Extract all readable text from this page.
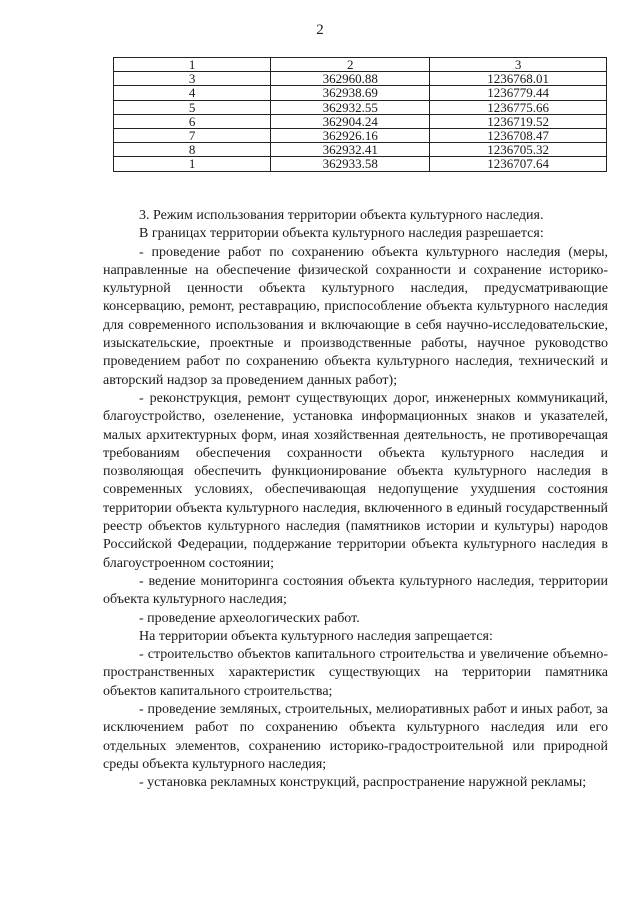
2
1	2	3
3	362960.88	1236768.01
4	362938.69	1236779.44
5	362932.55	1236775.66
6	362904.24	1236719.52
7	362926.16	1236708.47
8	362932.41	1236705.32
1	362933.58	1236707.64

3. Режим использования территории объекта культурного наследия.

В границах территории объекта культурного наследия разрешается:

- проведение работ по сохранению объекта культурного наследия (меры, направленные на обеспечение физической сохранности и сохранение историко-культурной ценности объекта культурного наследия, предусматривающие консервацию, ремонт, реставрацию, приспособление объекта культурного наследия для современного использования и включающие в себя научно-исследовательские, изыскательские, проектные и производственные работы, научное руководство проведением работ по сохранению объекта культурного наследия, технический и авторский надзор за проведением данных работ);

- реконструкция, ремонт существующих дорог, инженерных коммуникаций, благоустройство, озеленение, установка информационных знаков и указателей, малых архитектурных форм, иная хозяйственная деятельность, не противоречащая требованиям обеспечения сохранности объекта культурного наследия и позволяющая обеспечить функционирование объекта культурного наследия в современных условиях, обеспечивающая недопущение ухудшения состояния территории объекта культурного наследия, включенного в единый государственный реестр объектов культурного наследия (памятников истории и культуры) народов Российской Федерации, поддержание территории объекта культурного наследия в благоустроенном состоянии;

- ведение мониторинга состояния объекта культурного наследия, территории объекта культурного наследия;

- проведение археологических работ.

На территории объекта культурного наследия запрещается:

- строительство объектов капитального строительства и увеличение объемно-пространственных характеристик существующих на территории памятника объектов капитального строительства;

- проведение земляных, строительных, мелиоративных работ и иных работ, за исключением работ по сохранению объекта культурного наследия или его отдельных элементов, сохранению историко-градостроительной или природной среды объекта культурного наследия;

- установка рекламных конструкций, распространение наружной рекламы;
